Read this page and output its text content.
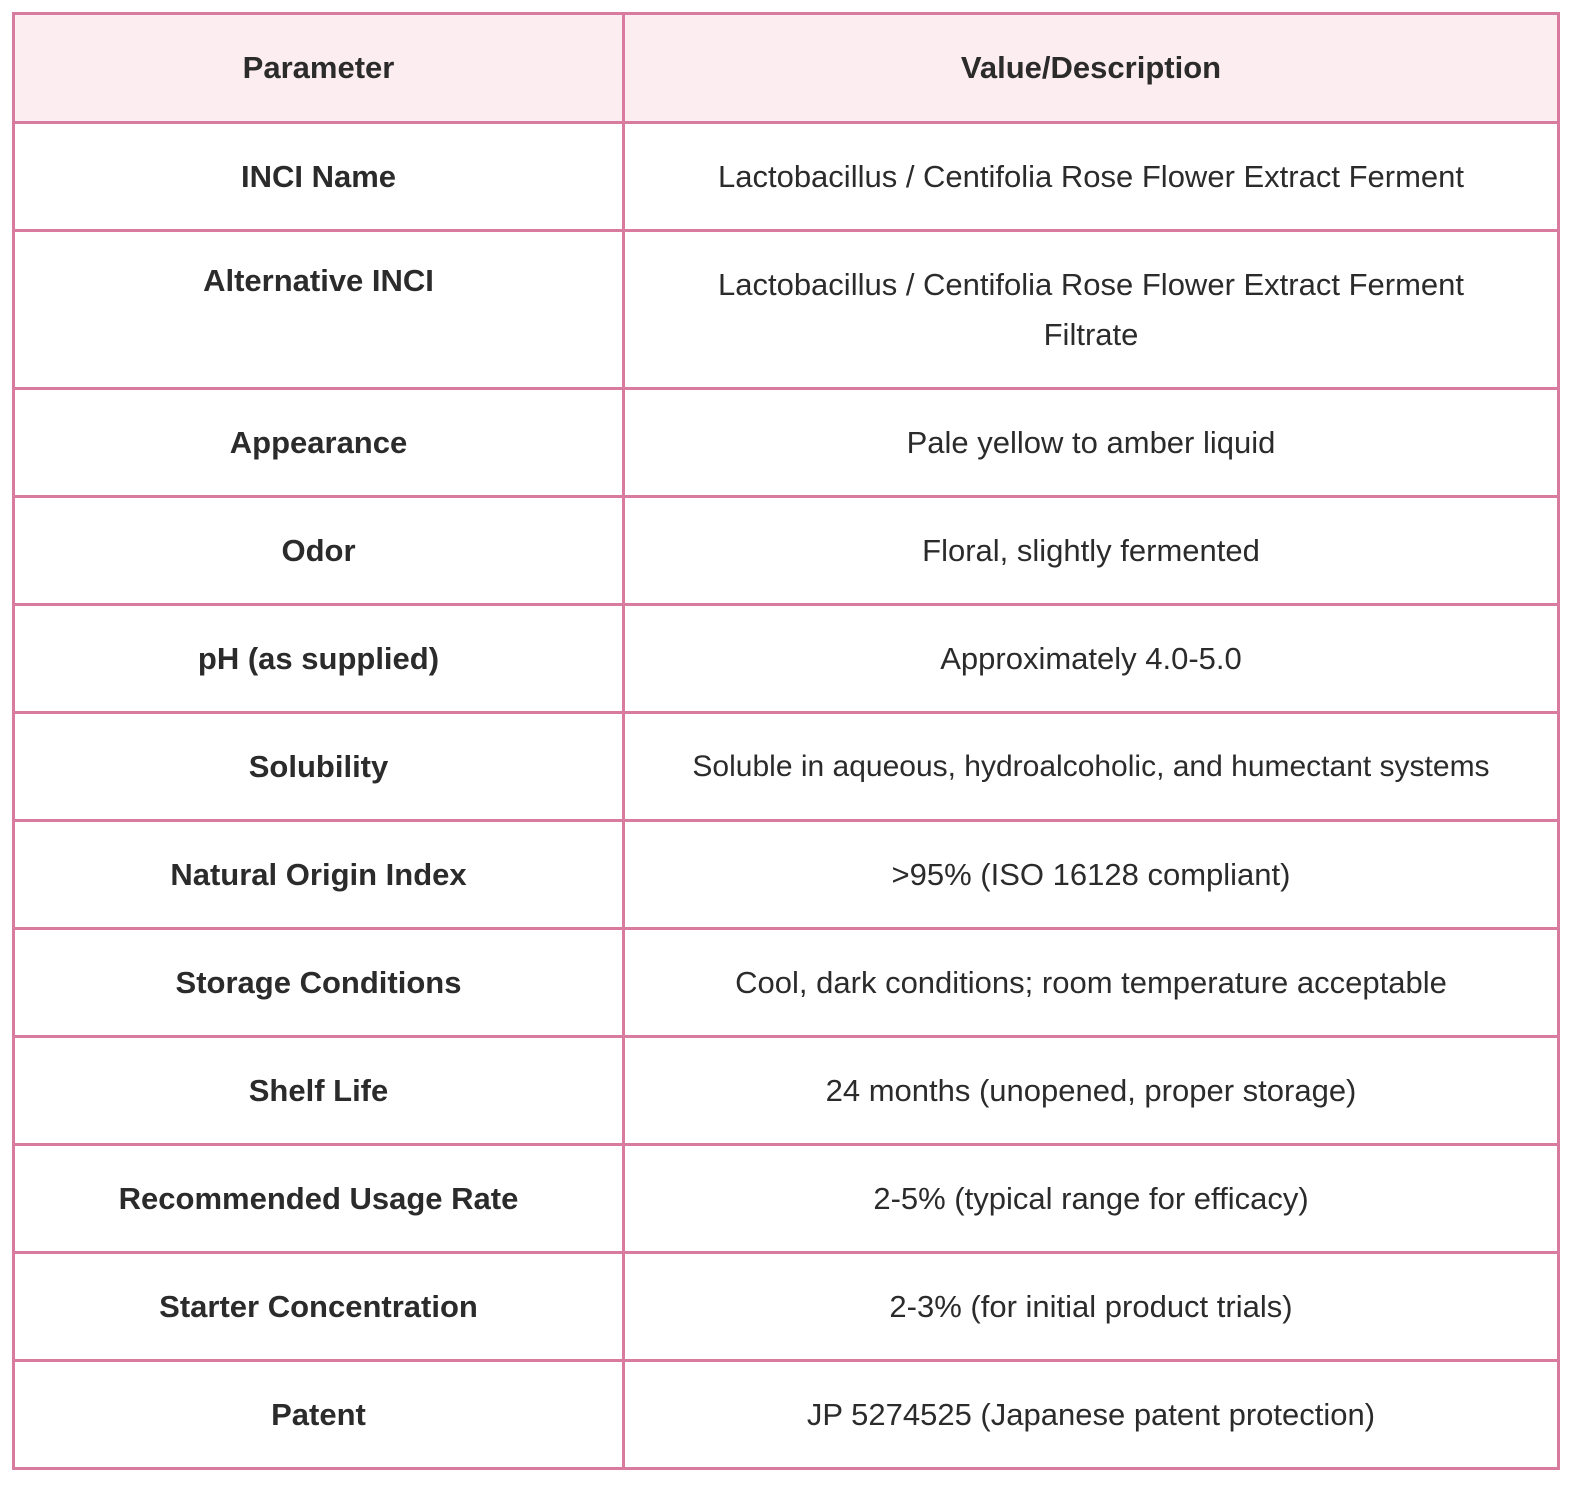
Parameter	Value/Description
INCI Name	Lactobacillus / Centifolia Rose Flower Extract Ferment
Alternative INCI	Lactobacillus / Centifolia Rose Flower Extract Ferment Filtrate
Appearance	Pale yellow to amber liquid
Odor	Floral, slightly fermented
pH (as supplied)	Approximately 4.0-5.0
Solubility	Soluble in aqueous, hydroalcoholic, and humectant systems
Natural Origin Index	>95% (ISO 16128 compliant)
Storage Conditions	Cool, dark conditions; room temperature acceptable
Shelf Life	24 months (unopened, proper storage)
Recommended Usage Rate	2-5% (typical range for efficacy)
Starter Concentration	2-3% (for initial product trials)
Patent	JP 5274525 (Japanese patent protection)
